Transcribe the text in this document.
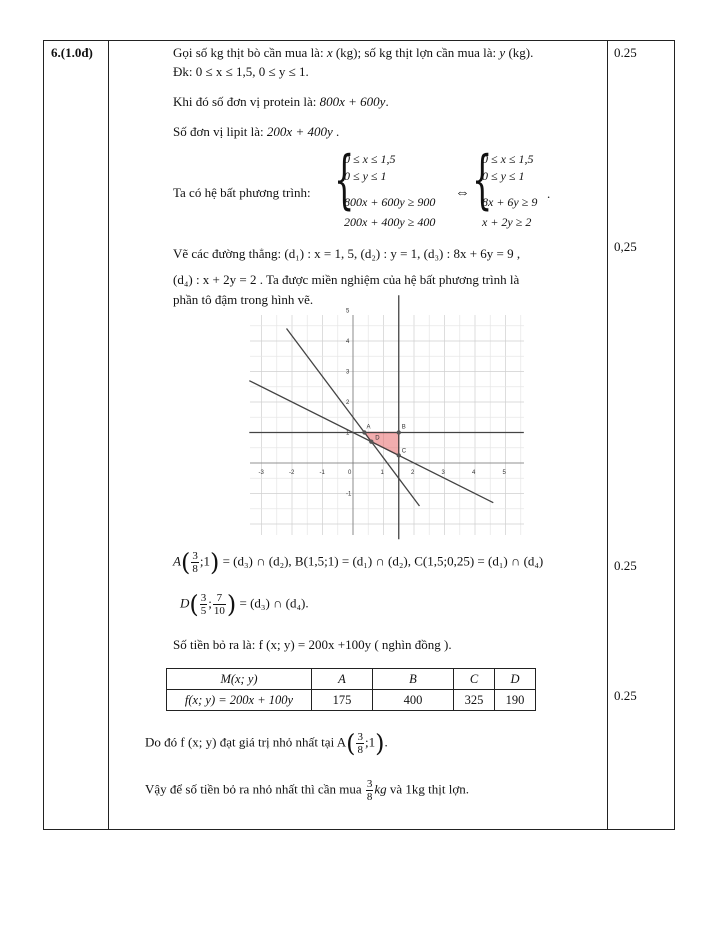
6.(1.0đ)	0.25
0,25
0.25
0.25
Gọi số kg thịt bò cần mua là: x (kg); số kg thịt lợn cần mua là: y (kg).
Đk: 0 ≤ x ≤ 1,5, 0 ≤ y ≤ 1.
Khi đó số đơn vị protein là: 800x + 600y.
Số đơn vị lipit là: 200x + 400y .
Ta có hệ bất phương trình: {
0 ≤ x ≤ 1,5
0 ≤ y ≤ 1
800x + 600y ≥ 900
200x + 400y ≥ 400
⇔ {
0 ≤ x ≤ 1,5
0 ≤ y ≤ 1
8x + 6y ≥ 9
x + 2y ≥ 2
.
Vẽ các đường thẳng: (d₁) : x = 1, 5, (d₂) : y = 1, (d₃) : 8x + 6y = 9 ,
(d₄) : x + 2y = 2 . Ta được miền nghiệm của hệ bất phương trình là
phần tô đậm trong hình vẽ.
-3	-2	-1	0	1	2	3	4	5
5
4
3
2
1
-1
A	B
C
D
$A( \frac{3}{8}$ ;1) = (d₃) ∩ (d₂), B(1,5;1) = (d₁) ∩ (d₂), C(1,5;0,25) = (d₁) ∩ (d₄)
$D( \frac{3}{5}$ ; $\frac{7}{10}$ ) = (d₃) ∩ (d₄).
Số tiền bỏ ra là: f (x; y) = 200x +100y ( nghìn đồng ).
M(x; y)	A	B	C	D
f(x; y) = 200x + 100y	175	400	325	190
Do đó f (x; y) đạt giá trị nhỏ nhất tại $A( \frac{3}{8}$ ;1).
Vậy để số tiền bỏ ra nhỏ nhất thì cần mua $\frac{3}{8}$ kg và 1kg thịt lợn.
